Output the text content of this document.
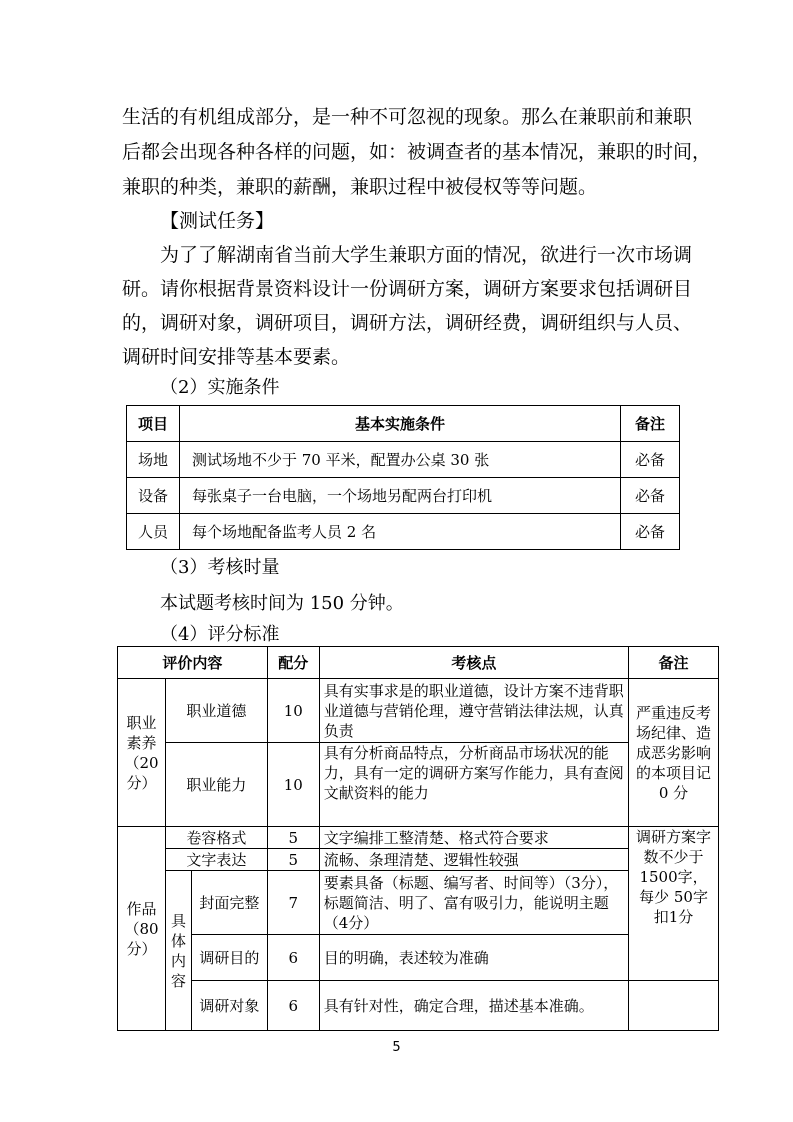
生活的有机组成部分，是一种不可忽视的现象。那么在兼职前和兼职

后都会出现各种各样的问题，如：被调查者的基本情况，兼职的时间，

兼职的种类，兼职的薪酬，兼职过程中被侵权等等问题。

【测试任务】

为了了解湖南省当前大学生兼职方面的情况，欲进行一次市场调

研。请你根据背景资料设计一份调研方案，调研方案要求包括调研目

的，调研对象，调研项目，调研方法，调研经费，调研组织与人员、

调研时间安排等基本要素。

（2）实施条件

项目	基本实施条件	备注
场地	测试场地不少于 70 平米，配置办公桌 30 张	必备
设备	每张桌子一台电脑，一个场地另配两台打印机	必备
人员	每个场地配备监考人员 2 名	必备

（3）考核时量

本试题考核时间为 150 分钟。

（4）评分标准

评价内容			配分	考核点	备注
职业素养（20分）	职业道德		10	具有实事求是的职业道德，设计方案不违背职业道德与营销伦理，遵守营销法律法规，认真负责	严重违反考场纪律、造成恶劣影响的本项目记 0 分
	职业能力		10	具有分析商品特点，分析商品市场状况的能力，具有一定的调研方案写作能力，具有查阅文献资料的能力	
作品（80分）	卷容格式		5	文字编排工整清楚、格式符合要求	调研方案字数不少于1500字，每少 50字扣1分
	文字表达		5	流畅、条理清楚、逻辑性较强	
	具体内容	封面完整	7	要素具备（标题、编写者、时间等）（3分），标题简洁、明了、富有吸引力，能说明主题（4分）	
		调研目的	6	目的明确，表述较为准确	
		调研对象	6	具有针对性，确定合理，描述基本准确。	
5
